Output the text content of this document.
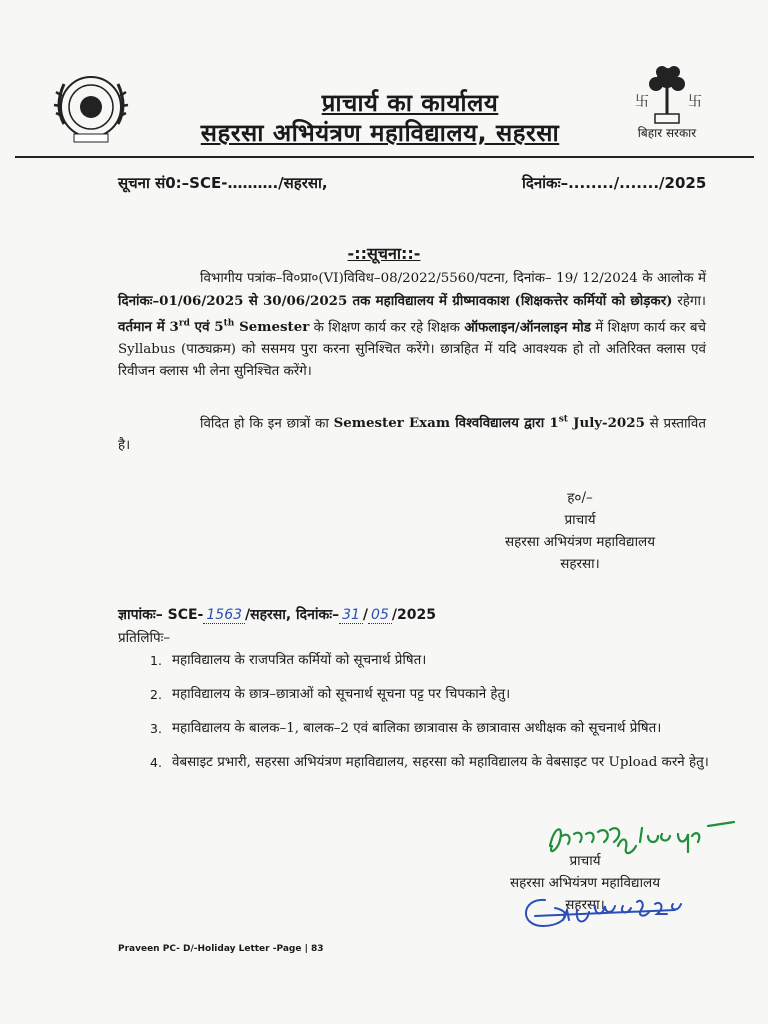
卐	卐
बिहार सरकार
प्राचार्य का कार्यालय
सहरसा अभियंत्रण महाविद्यालय, सहरसा
सूचना सं0:–SCE-………./सहरसा,	दिनांकः–......../......./2025
-::सूचना::-
विभागीय पत्रांक–वि०प्रा०(VI)विविध–08/2022/5560/पटना, दिनांक– 19/ 12/2024 के आलोक में दिनांकः–01/06/2025 से 30/06/2025 तक महाविद्यालय में ग्रीष्मावकाश (शिक्षकत्तेर कर्मियों को छोड़कर) रहेगा। वर्तमान में 3rd एवं 5th Semester के शिक्षण कार्य कर रहे शिक्षक ऑफलाइन/ऑनलाइन मोड में शिक्षण कार्य कर बचे Syllabus (पाठ्यक्रम) को ससमय पुरा करना सुनिश्चित करेंगे। छात्रहित में यदि आवश्यक हो तो अतिरिक्त क्लास एवं रिवीजन क्लास भी लेना सुनिश्चित करेंगे।
विदित हो कि इन छात्रों का Semester Exam विश्वविद्यालय द्वारा 1st July-2025 से प्रस्तावित है।
ह०/–
प्राचार्य
सहरसा अभियंत्रण महाविद्यालय
सहरसा।
ज्ञापांकः– SCE- 1563 /सहरसा, दिनांकः– 31 / 05 /2025
प्रतिलिपिः–
1. महाविद्यालय के राजपत्रित कर्मियों को सूचनार्थ प्रेषित।
2. महाविद्यालय के छात्र–छात्राओं को सूचनार्थ सूचना पट्ट पर चिपकाने हेतु।
3. महाविद्यालय के बालक–1, बालक–2 एवं बालिका छात्रावास के छात्रावास अधीक्षक को सूचनार्थ प्रेषित।
4. वेबसाइट प्रभारी, सहरसा अभियंत्रण महाविद्यालय, सहरसा को महाविद्यालय के वेबसाइट पर Upload करने हेतु।
प्राचार्य
सहरसा अभियंत्रण महाविद्यालय
सहरसा।
Praveen PC- D/-Holiday Letter -Page | 83
